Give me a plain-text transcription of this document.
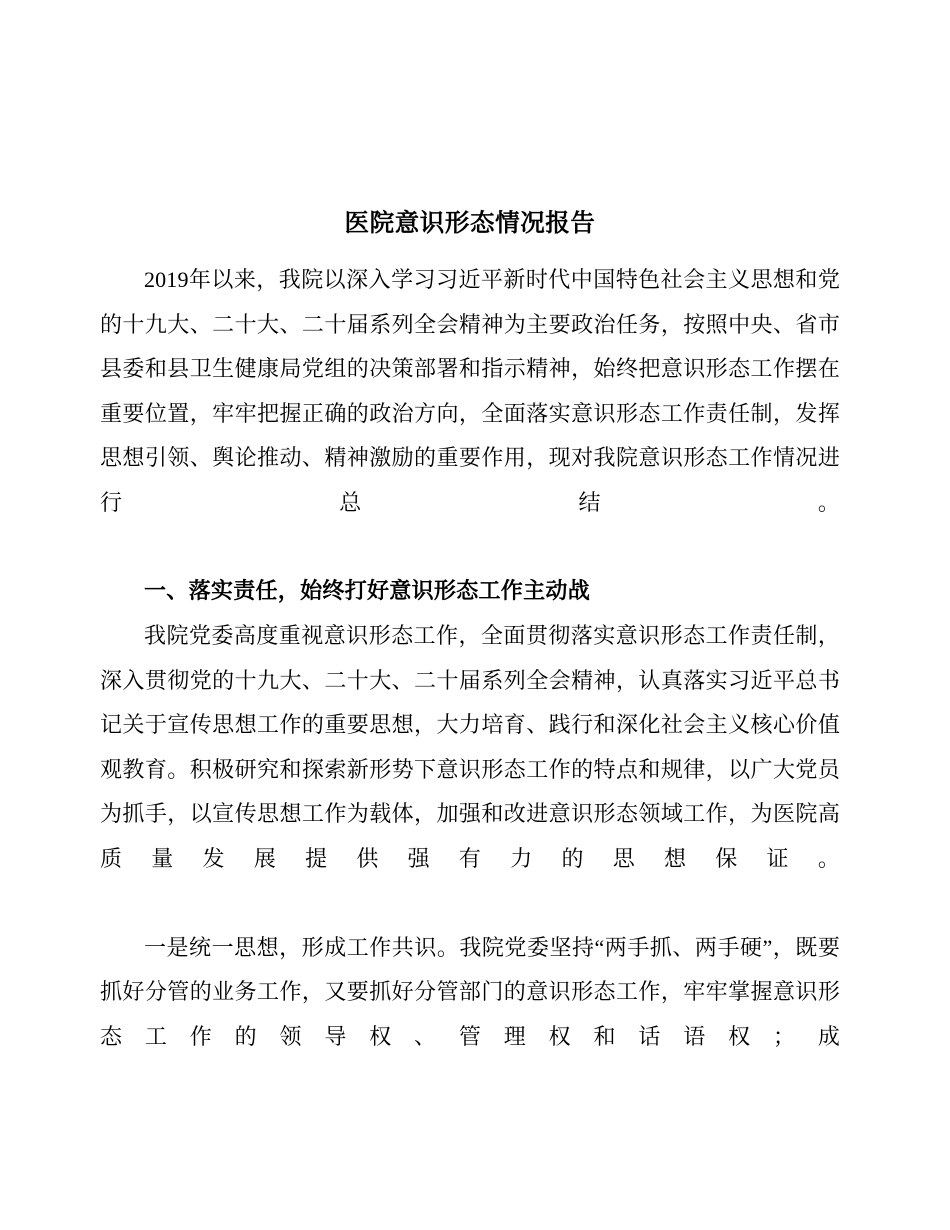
医院意识形态情况报告

2019年以来，我院以深入学习习近平新时代中国特色社会主义思想和党的十九大、二十大、二十届系列全会精神为主要政治任务，按照中央、省市县委和县卫生健康局党组的决策部署和指示精神，始终把意识形态工作摆在重要位置，牢牢把握正确的政治方向，全面落实意识形态工作责任制，发挥思想引领、舆论推动、精神激励的重要作用，现对我院意识形态工作情况进行总结。

一、落实责任，始终打好意识形态工作主动战

我院党委高度重视意识形态工作，全面贯彻落实意识形态工作责任制，深入贯彻党的十九大、二十大、二十届系列全会精神，认真落实习近平总书记关于宣传思想工作的重要思想，大力培育、践行和深化社会主义核心价值观教育。积极研究和探索新形势下意识形态工作的特点和规律，以广大党员为抓手，以宣传思想工作为载体，加强和改进意识形态领域工作，为医院高质量发展提供强有力的思想保证。

一是统一思想，形成工作共识。我院党委坚持“两手抓、两手硬”，既要抓好分管的业务工作，又要抓好分管部门的意识形态工作，牢牢掌握意识形态工作的领导权、管理权和话语权；成
